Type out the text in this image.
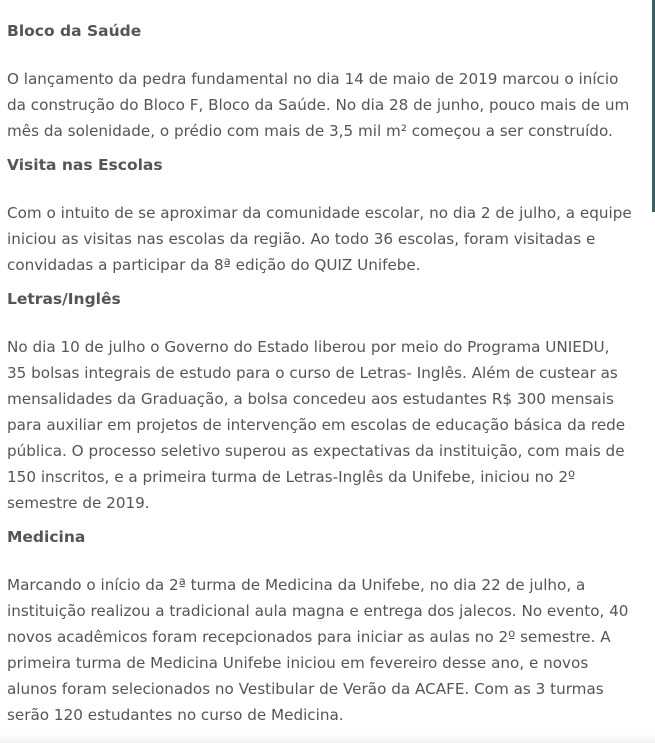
Bloco da Saúde

O lançamento da pedra fundamental no dia 14 de maio de 2019 marcou o início
da construção do Bloco F, Bloco da Saúde. No dia 28 de junho, pouco mais de um
mês da solenidade, o prédio com mais de 3,5 mil m² começou a ser construído.

Visita nas Escolas

Com o intuito de se aproximar da comunidade escolar, no dia 2 de julho, a equipe
iniciou as visitas nas escolas da região. Ao todo 36 escolas, foram visitadas e
convidadas a participar da 8ª edição do QUIZ Unifebe.

Letras/Inglês

No dia 10 de julho o Governo do Estado liberou por meio do Programa UNIEDU,
35 bolsas integrais de estudo para o curso de Letras- Inglês. Além de custear as
mensalidades da Graduação, a bolsa concedeu aos estudantes R$ 300 mensais
para auxiliar em projetos de intervenção em escolas de educação básica da rede
pública. O processo seletivo superou as expectativas da instituição, com mais de
150 inscritos, e a primeira turma de Letras-Inglês da Unifebe, iniciou no 2º
semestre de 2019.

Medicina

Marcando o início da 2ª turma de Medicina da Unifebe, no dia 22 de julho, a
instituição realizou a tradicional aula magna e entrega dos jalecos. No evento, 40
novos acadêmicos foram recepcionados para iniciar as aulas no 2º semestre. A
primeira turma de Medicina Unifebe iniciou em fevereiro desse ano, e novos
alunos foram selecionados no Vestibular de Verão da ACAFE. Com as 3 turmas
serão 120 estudantes no curso de Medicina.
